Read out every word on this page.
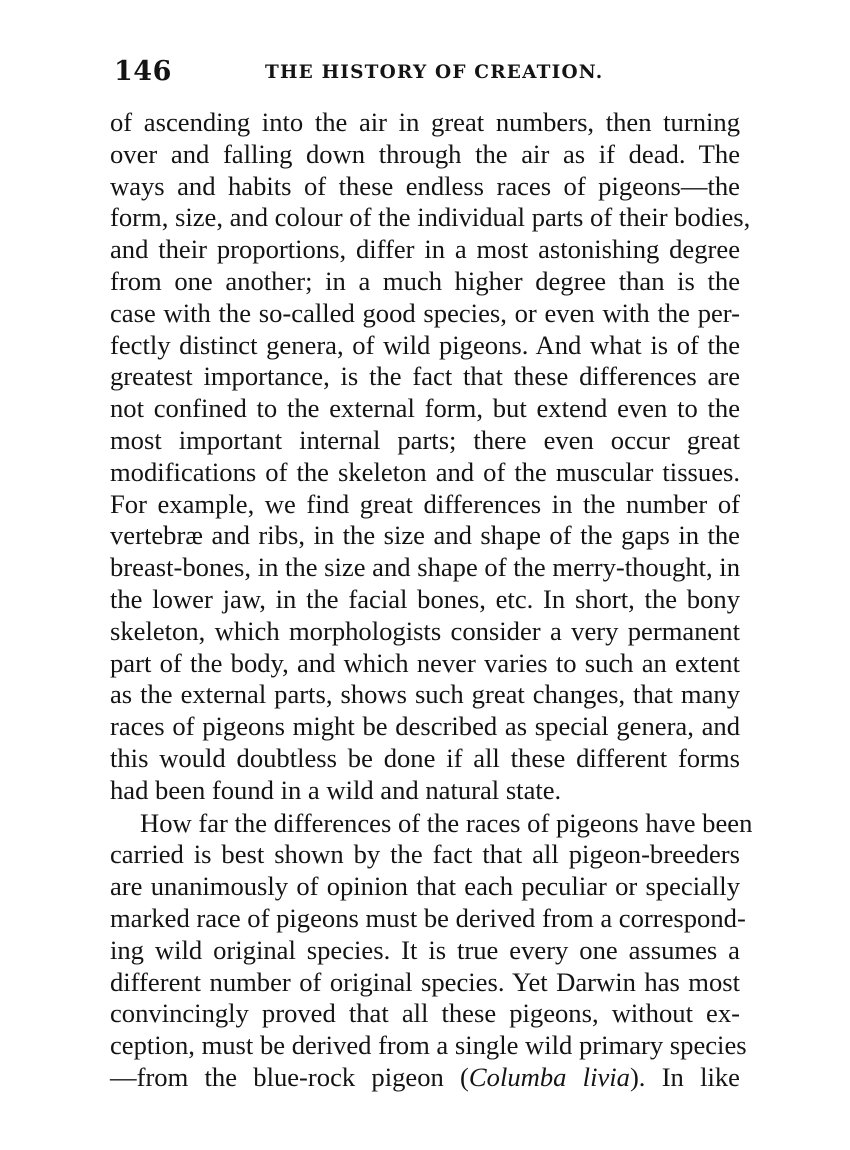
146	THE HISTORY OF CREATION.
of ascending into the air in great numbers, then turning
over and falling down through the air as if dead. The
ways and habits of these endless races of pigeons—the
form, size, and colour of the individual parts of their bodies,
and their proportions, differ in a most astonishing degree
from one another; in a much higher degree than is the
case with the so-called good species, or even with the per-
fectly distinct genera, of wild pigeons. And what is of the
greatest importance, is the fact that these differences are
not confined to the external form, but extend even to the
most important internal parts; there even occur great
modifications of the skeleton and of the muscular tissues.
For example, we find great differences in the number of
vertebræ and ribs, in the size and shape of the gaps in the
breast-bones, in the size and shape of the merry-thought, in
the lower jaw, in the facial bones, etc. In short, the bony
skeleton, which morphologists consider a very permanent
part of the body, and which never varies to such an extent
as the external parts, shows such great changes, that many
races of pigeons might be described as special genera, and
this would doubtless be done if all these different forms
had been found in a wild and natural state.
How far the differences of the races of pigeons have been
carried is best shown by the fact that all pigeon-breeders
are unanimously of opinion that each peculiar or specially
marked race of pigeons must be derived from a correspond-
ing wild original species. It is true every one assumes a
different number of original species. Yet Darwin has most
convincingly proved that all these pigeons, without ex-
ception, must be derived from a single wild primary species
—from the blue-rock pigeon (Columba livia). In like
